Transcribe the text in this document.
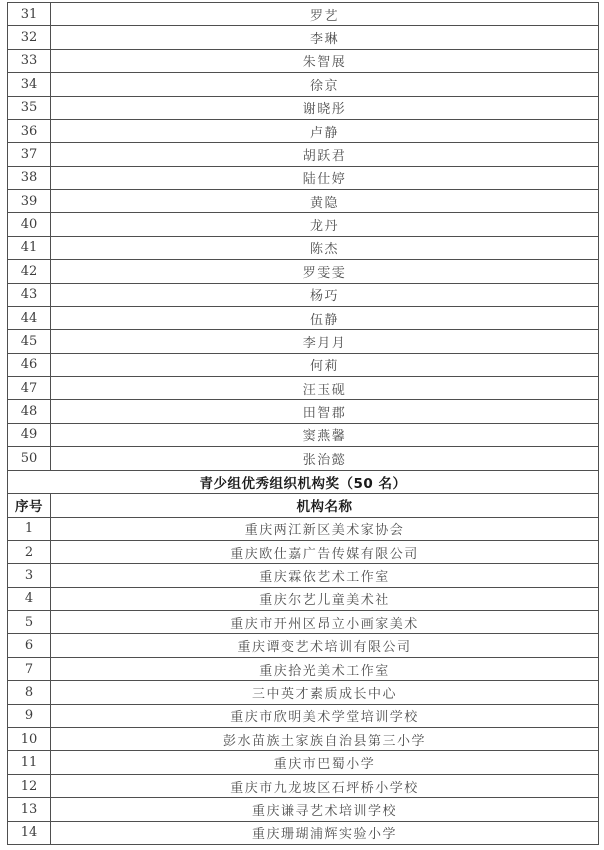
31	罗艺
32	李琳
33	朱智展
34	徐京
35	谢晓彤
36	卢静
37	胡跃君
38	陆仕婷
39	黄隐
40	龙丹
41	陈杰
42	罗雯雯
43	杨巧
44	伍静
45	李月月
46	何莉
47	汪玉砚
48	田智郡
49	窦燕馨
50	张治懿
青少组优秀组织机构奖（50 名）	
序号	机构名称
1	重庆两江新区美术家协会
2	重庆欧仕嘉广告传媒有限公司
3	重庆霖依艺术工作室
4	重庆尔艺儿童美术社
5	重庆市开州区昂立小画家美术
6	重庆谭变艺术培训有限公司
7	重庆拾光美术工作室
8	三中英才素质成长中心
9	重庆市欣明美术学堂培训学校
10	彭水苗族土家族自治县第三小学
11	重庆市巴蜀小学
12	重庆市九龙坡区石坪桥小学校
13	重庆谦寻艺术培训学校
14	重庆珊瑚浦辉实验小学
